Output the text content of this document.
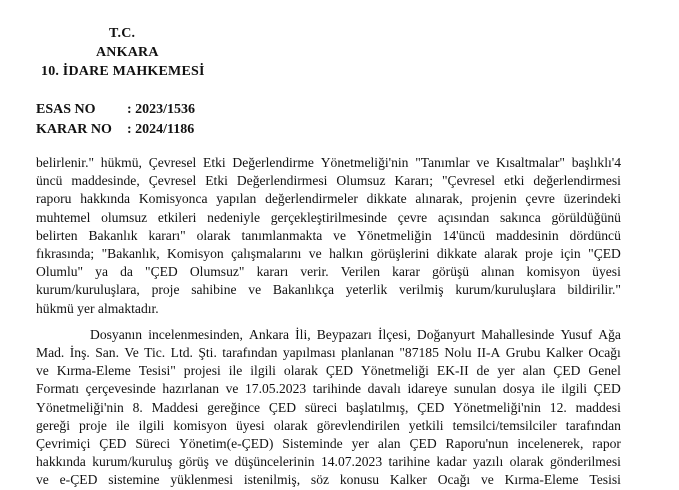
T.C.
ANKARA
10. İDARE MAHKEMESİ
ESAS NO : 2023/1536
KARAR NO : 2024/1186
belirlenir." hükmü, Çevresel Etki Değerlendirme Yönetmeliği'nin "Tanımlar ve Kısaltmalar" başlıklı'4
üncü maddesinde, Çevresel Etki Değerlendirmesi Olumsuz Kararı; "Çevresel etki değerlendirmesi
raporu hakkında Komisyonca yapılan değerlendirmeler dikkate alınarak, projenin çevre üzerindeki
muhtemel olumsuz etkileri nedeniyle gerçekleştirilmesinde çevre açısından sakınca görüldüğünü
belirten Bakanlık kararı" olarak tanımlanmakta ve Yönetmeliğin 14'üncü maddesinin dördüncü
fıkrasında; "Bakanlık, Komisyon çalışmalarını ve halkın görüşlerini dikkate alarak proje için "ÇED
Olumlu" ya da "ÇED Olumsuz" kararı verir. Verilen karar görüşü alınan komisyon üyesi
kurum/kuruluşlara, proje sahibine ve Bakanlıkça yeterlik verilmiş kurum/kuruluşlara bildirilir."
hükmü yer almaktadır.
Dosyanın incelenmesinden, Ankara İli, Beypazarı İlçesi, Doğanyurt Mahallesinde Yusuf Ağa
Mad. İnş. San. Ve Tic. Ltd. Şti. tarafından yapılması planlanan "87185 Nolu II-A Grubu Kalker Ocağı
ve Kırma-Eleme Tesisi" projesi ile ilgili olarak ÇED Yönetmeliği EK-II de yer alan ÇED Genel
Formatı çerçevesinde hazırlanan ve 17.05.2023 tarihinde davalı idareye sunulan dosya ile ilgili ÇED
Yönetmeliği'nin 8. Maddesi gereğince ÇED süreci başlatılmış, ÇED Yönetmeliği'nin 12. maddesi
gereği proje ile ilgili komisyon üyesi olarak görevlendirilen yetkili temsilci/temsilciler tarafından
Çevrimiçi ÇED Süreci Yönetim(e-ÇED) Sisteminde yer alan ÇED Raporu'nun incelenerek, rapor
hakkında kurum/kuruluş görüş ve düşüncelerinin 14.07.2023 tarihine kadar yazılı olarak gönderilmesi
ve e-ÇED sistemine yüklenmesi istenilmiş, söz konusu Kalker Ocağı ve Kırma-Eleme Tesisi
